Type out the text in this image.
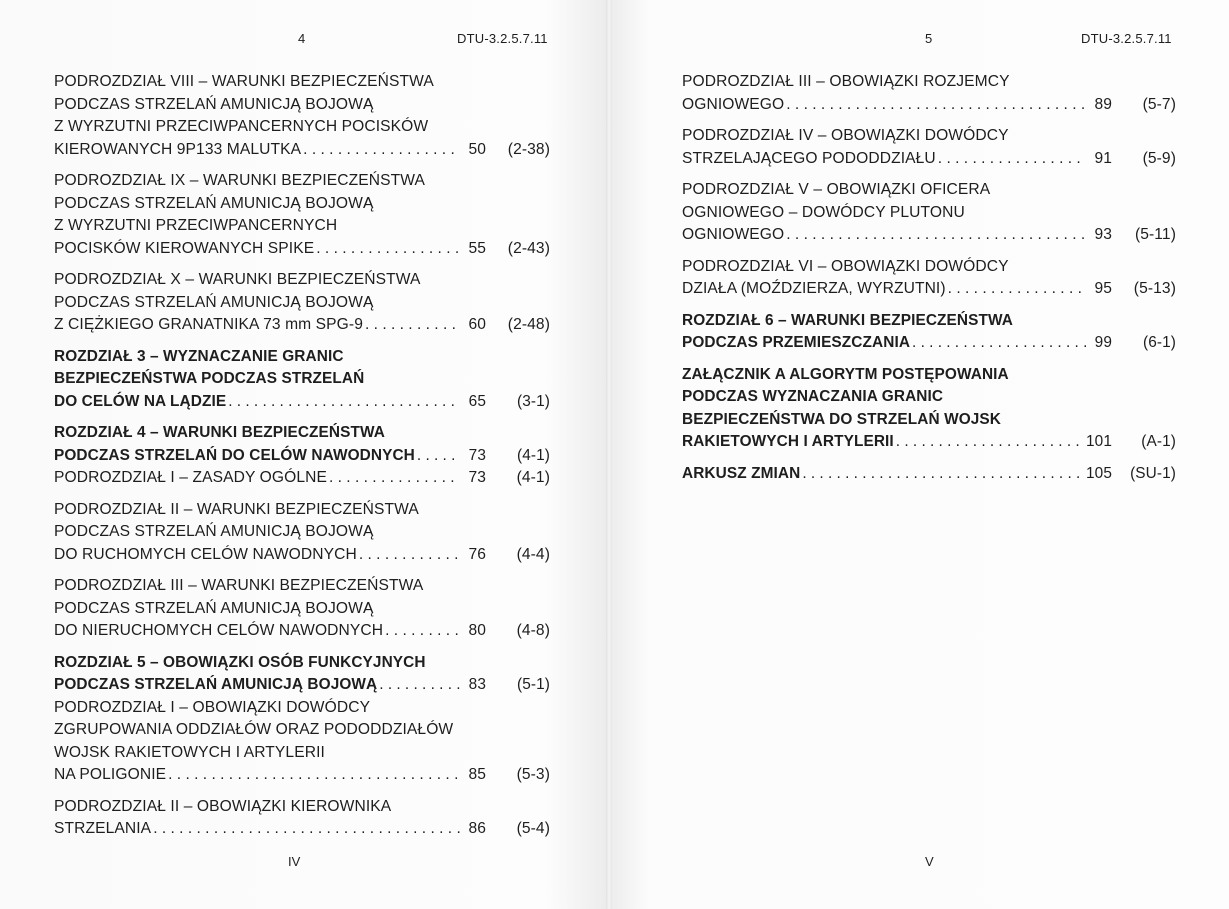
4	DTU-3.2.5.7.11
PODROZDZIAŁ VIII – WARUNKI BEZPIECZEŃSTWA
PODCZAS STRZELAŃ AMUNICJĄ BOJOWĄ
Z WYRZUTNI PRZECIWPANCERNYCH POCISKÓW
KIEROWANYCH 9P133 MALUTKA . . .	50	(2-38)
PODROZDZIAŁ IX – WARUNKI BEZPIECZEŃSTWA
PODCZAS STRZELAŃ AMUNICJĄ BOJOWĄ
Z WYRZUTNI PRZECIWPANCERNYCH
POCISKÓW KIEROWANYCH SPIKE . . .	55	(2-43)
PODROZDZIAŁ X – WARUNKI BEZPIECZEŃSTWA
PODCZAS STRZELAŃ AMUNICJĄ BOJOWĄ
Z CIĘŻKIEGO GRANATNIKA 73 mm SPG-9 . . .	60	(2-48)
ROZDZIAŁ 3 – WYZNACZANIE GRANIC
BEZPIECZEŃSTWA PODCZAS STRZELAŃ
DO CELÓW NA LĄDZIE . . .	65	(3-1)
ROZDZIAŁ 4 – WARUNKI BEZPIECZEŃSTWA
PODCZAS STRZELAŃ DO CELÓW NAWODNYCH . . .	73	(4-1)
PODROZDZIAŁ I – ZASADY OGÓLNE . . .	73	(4-1)
PODROZDZIAŁ II – WARUNKI BEZPIECZEŃSTWA
PODCZAS STRZELAŃ AMUNICJĄ BOJOWĄ
DO RUCHOMYCH CELÓW NAWODNYCH . . .	76	(4-4)
PODROZDZIAŁ III – WARUNKI BEZPIECZEŃSTWA
PODCZAS STRZELAŃ AMUNICJĄ BOJOWĄ
DO NIERUCHOMYCH CELÓW NAWODNYCH . . .	80	(4-8)
ROZDZIAŁ 5 – OBOWIĄZKI OSÓB FUNKCYJNYCH
PODCZAS STRZELAŃ AMUNICJĄ BOJOWĄ . . .	83	(5-1)
PODROZDZIAŁ I – OBOWIĄZKI DOWÓDCY
ZGRUPOWANIA ODDZIAŁÓW ORAZ PODODDZIAŁÓW
WOJSK RAKIETOWYCH I ARTYLERII
NA POLIGONIE . . .	85	(5-3)
PODROZDZIAŁ II – OBOWIĄZKI KIEROWNIKA
STRZELANIA . . .	86	(5-4)
IV
5	DTU-3.2.5.7.11
PODROZDZIAŁ III – OBOWIĄZKI ROZJEMCY
OGNIOWEGO . . .	89	(5-7)
PODROZDZIAŁ IV – OBOWIĄZKI DOWÓDCY
STRZELAJĄCEGO PODODDZIAŁU . . .	91	(5-9)
PODROZDZIAŁ V – OBOWIĄZKI OFICERA
OGNIOWEGO – DOWÓDCY PLUTONU
OGNIOWEGO . . .	93	(5-11)
PODROZDZIAŁ VI – OBOWIĄZKI DOWÓDCY
DZIAŁA (MOŹDZIERZA, WYRZUTNI) . . .	95	(5-13)
ROZDZIAŁ 6 – WARUNKI BEZPIECZEŃSTWA
PODCZAS PRZEMIESZCZANIA . . .	99	(6-1)
ZAŁĄCZNIK A ALGORYTM POSTĘPOWANIA
PODCZAS WYZNACZANIA GRANIC
BEZPIECZEŃSTWA DO STRZELAŃ WOJSK
RAKIETOWYCH I ARTYLERII . . .	101	(A-1)
ARKUSZ ZMIAN . . .	105	(SU-1)
V
